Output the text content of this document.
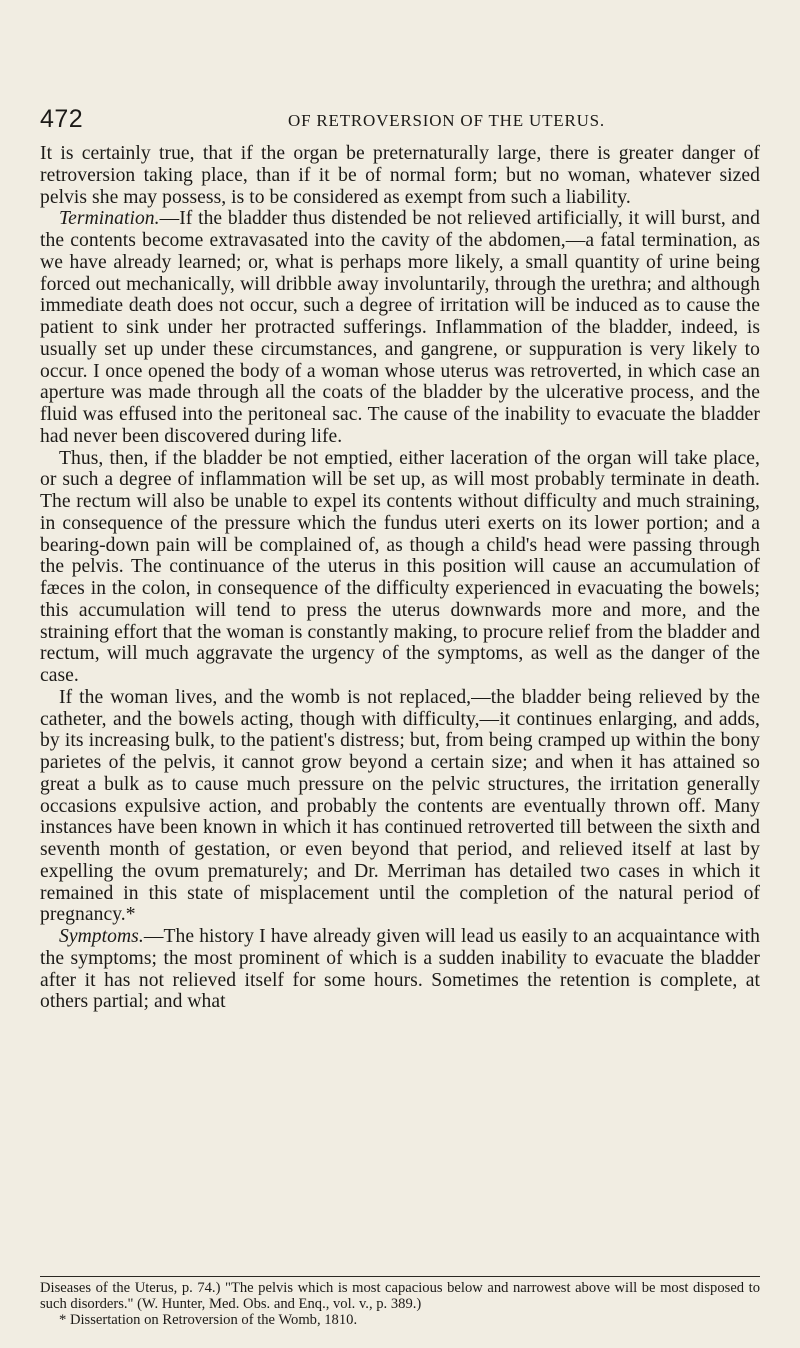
472	OF RETROVERSION OF THE UTERUS.

It is certainly true, that if the organ be preternaturally large, there is greater danger of retroversion taking place, than if it be of normal form; but no woman, whatever sized pelvis she may possess, is to be considered as exempt from such a liability.

Termination.—If the bladder thus distended be not relieved artificially, it will burst, and the contents become extravasated into the cavity of the abdomen,—a fatal termination, as we have already learned; or, what is perhaps more likely, a small quantity of urine being forced out mechanically, will dribble away involuntarily, through the urethra; and although immediate death does not occur, such a degree of irritation will be induced as to cause the patient to sink under her protracted sufferings. Inflammation of the bladder, indeed, is usually set up under these circumstances, and gangrene, or suppuration is very likely to occur. I once opened the body of a woman whose uterus was retroverted, in which case an aperture was made through all the coats of the bladder by the ulcerative process, and the fluid was effused into the peritoneal sac. The cause of the inability to evacuate the bladder had never been discovered during life.

Thus, then, if the bladder be not emptied, either laceration of the organ will take place, or such a degree of inflammation will be set up, as will most probably terminate in death. The rectum will also be unable to expel its contents without difficulty and much straining, in consequence of the pressure which the fundus uteri exerts on its lower portion; and a bearing-down pain will be complained of, as though a child's head were passing through the pelvis. The continuance of the uterus in this position will cause an accumulation of fæces in the colon, in consequence of the difficulty experienced in evacuating the bowels; this accumulation will tend to press the uterus downwards more and more, and the straining effort that the woman is constantly making, to procure relief from the bladder and rectum, will much aggravate the urgency of the symptoms, as well as the danger of the case.

If the woman lives, and the womb is not replaced,—the bladder being relieved by the catheter, and the bowels acting, though with difficulty,—it continues enlarging, and adds, by its increasing bulk, to the patient's distress; but, from being cramped up within the bony parietes of the pelvis, it cannot grow beyond a certain size; and when it has attained so great a bulk as to cause much pressure on the pelvic structures, the irritation generally occasions expulsive action, and probably the contents are eventually thrown off. Many instances have been known in which it has continued retroverted till between the sixth and seventh month of gestation, or even beyond that period, and relieved itself at last by expelling the ovum prematurely; and Dr. Merriman has detailed two cases in which it remained in this state of misplacement until the completion of the natural period of pregnancy.*

Symptoms.—The history I have already given will lead us easily to an acquaintance with the symptoms; the most prominent of which is a sudden inability to evacuate the bladder after it has not relieved itself for some hours. Sometimes the retention is complete, at others partial; and what

Diseases of the Uterus, p. 74.) "The pelvis which is most capacious below and narrowest above will be most disposed to such disorders." (W. Hunter, Med. Obs. and Enq., vol. v., p. 389.)

* Dissertation on Retroversion of the Womb, 1810.
